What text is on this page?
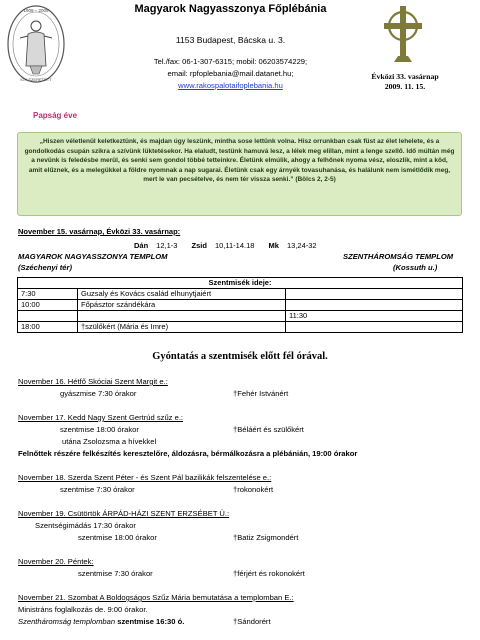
1909 – 2009
ÍGY SZERETETT
Papság éve
Magyarok Nagyasszonya Főplébánia
1153 Budapest, Bácska u. 3.
Tel./fax: 06-1-307-6315; mobil: 06203574229;
email: rpfoplebania@mail.datanet.hu;
www.rakospalotaifoplebania.hu
Évközi 33. vasárnap
2009. 11. 15.
„Hiszen véletlenül keletkeztünk, és majdan úgy leszünk, mintha sose lettünk volna. Hisz orrunkban csak füst az élet lehelete, és a gondolkodás csupán szikra a szívünk lüktetésekor. Ha elaludt, testünk hamuvá lesz, a lélek meg elillan, mint a lenge szellő. Idő múltán még a nevünk is feledésbe merül, és senki sem gondol többé tetteinkre. Életünk elmúlik, ahogy a felhőnek nyoma vész, eloszlik, mint a köd, amit elűznek, és a melegükkel a földre nyomnak a nap sugarai. Életünk csak egy árnyék tovasuhanása, és halálunk nem ismétlődik meg, mert le van pecsételve, és nem tér vissza senki.” (Bölcs 2, 2-5)
November 15. vasárnap, Évközi 33. vasárnap:
Dán 12,1-3 Zsid 10,11-14.18 Mk 13,24-32
MAGYAROK NAGYASSZONYA TEMPLOM
(Széchenyi tér)
SZENTHÁROMSÁG TEMPLOM
(Kossuth u.)
Szentmisék ideje:		
7:30	Guzsaly és Kovács család elhunytjaiért	
10:00	Főpásztor szándékára	
		11:30
18:00	†szülőkért (Mária és Imre)	
Gyóntatás a szentmisék előtt fél órával.
November 16. Hétfő Skóciai Szent Margit e.:
gyászmise 7:30 órakor	†Fehér Istvánért
November 17. Kedd Nagy Szent Gertrúd szűz e.:
szentmise 18:00 órakor	†Béláért és szülőkért
utána Zsolozsma a hívekkel
Felnőttek részére felkészítés keresztelőre, áldozásra, bérmálkozásra a plébánián, 19:00 órakor
November 18. Szerda Szent Péter - és Szent Pál bazilikák felszentelése e.:
szentmise 7:30 órakor	†rokonokért
November 19. Csütörtök ÁRPÁD-HÁZI SZENT ERZSÉBET Ü.:
Szentségimádás 17:30 órakor
szentmise 18:00 órakor	†Batiz Zsigmondért
November 20. Péntek:
szentmise 7:30 órakor	†férjért és rokonokért
November 21. Szombat A Boldogságos Szűz Mária bemutatása a templomban E.:
Ministráns foglalkozás de. 9:00 órakor.
Szentháromság templomban szentmise 16:30 ó.	†Sándorért
